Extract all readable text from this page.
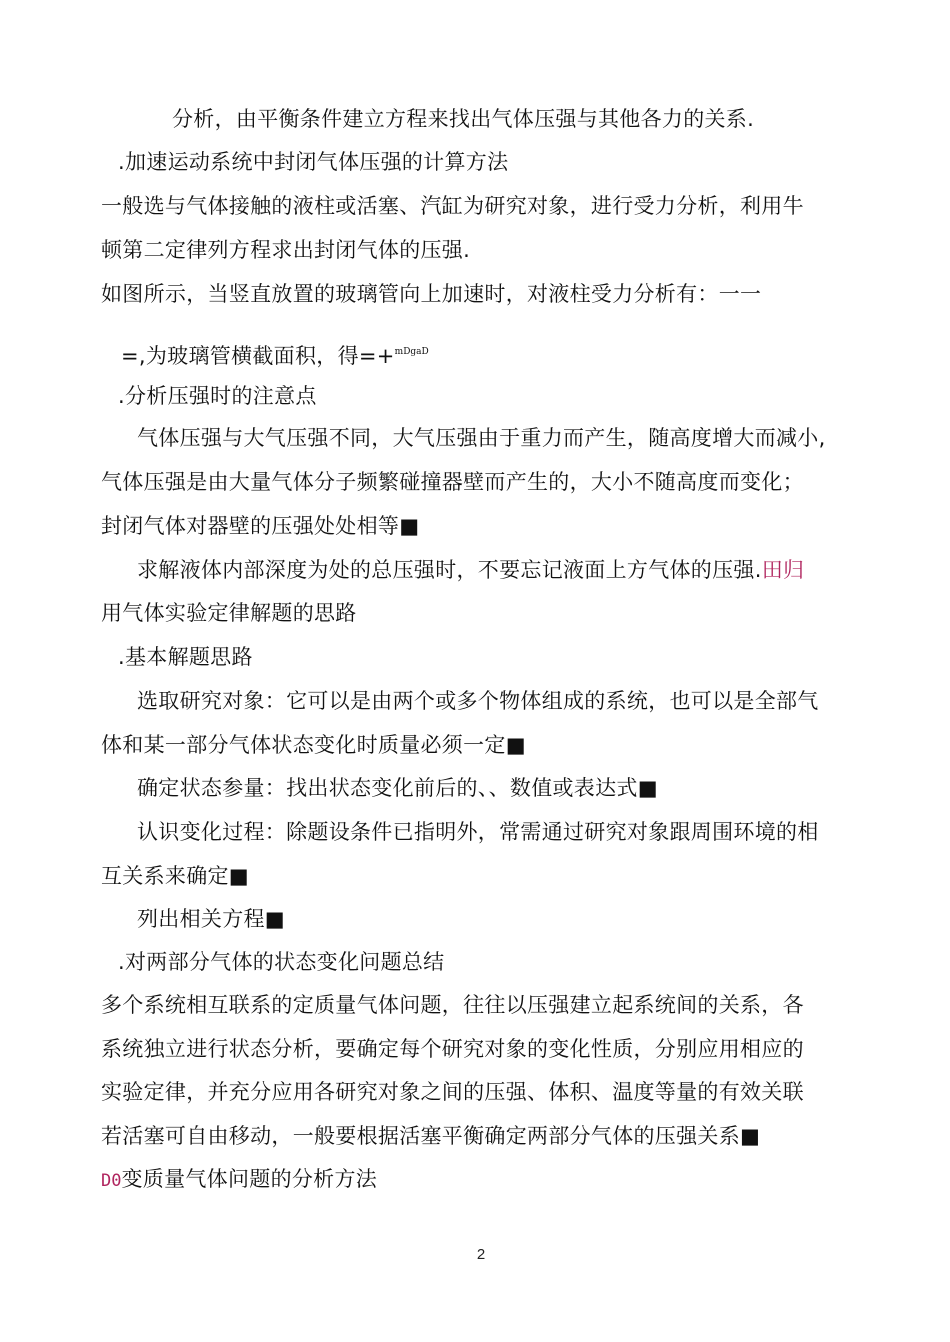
分析，由平衡条件建立方程来找出气体压强与其他各力的关系.
.加速运动系统中封闭气体压强的计算方法
一般选与气体接触的液柱或活塞、汽缸为研究对象，进行受力分析，利用牛
顿第二定律列方程求出封闭气体的压强.
如图所示，当竖直放置的玻璃管向上加速时，对液柱受力分析有：一一
=,为玻璃管横截面积，得=+$^{mDgaD}$
.分析压强时的注意点
气体压强与大气压强不同，大气压强由于重力而产生，随高度增大而减小,
气体压强是由大量气体分子频繁碰撞器壁而产生的，大小不随高度而变化；
封闭气体对器壁的压强处处相等■
求解液体内部深度为处的总压强时，不要忘记液面上方气体的压强.田归
用气体实验定律解题的思路
.基本解题思路
选取研究对象：它可以是由两个或多个物体组成的系统，也可以是全部气
体和某一部分气体状态变化时质量必须一定■
确定状态参量：找出状态变化前后的、、数值或表达式■
认识变化过程：除题设条件已指明外，常需通过研究对象跟周围环境的相
互关系来确定■
列出相关方程■
.对两部分气体的状态变化问题总结
多个系统相互联系的定质量气体问题，往往以压强建立起系统间的关系，各
系统独立进行状态分析，要确定每个研究对象的变化性质，分别应用相应的
实验定律，并充分应用各研究对象之间的压强、体积、温度等量的有效关联
若活塞可自由移动，一般要根据活塞平衡确定两部分气体的压强关系■
D0变质量气体问题的分析方法
2
